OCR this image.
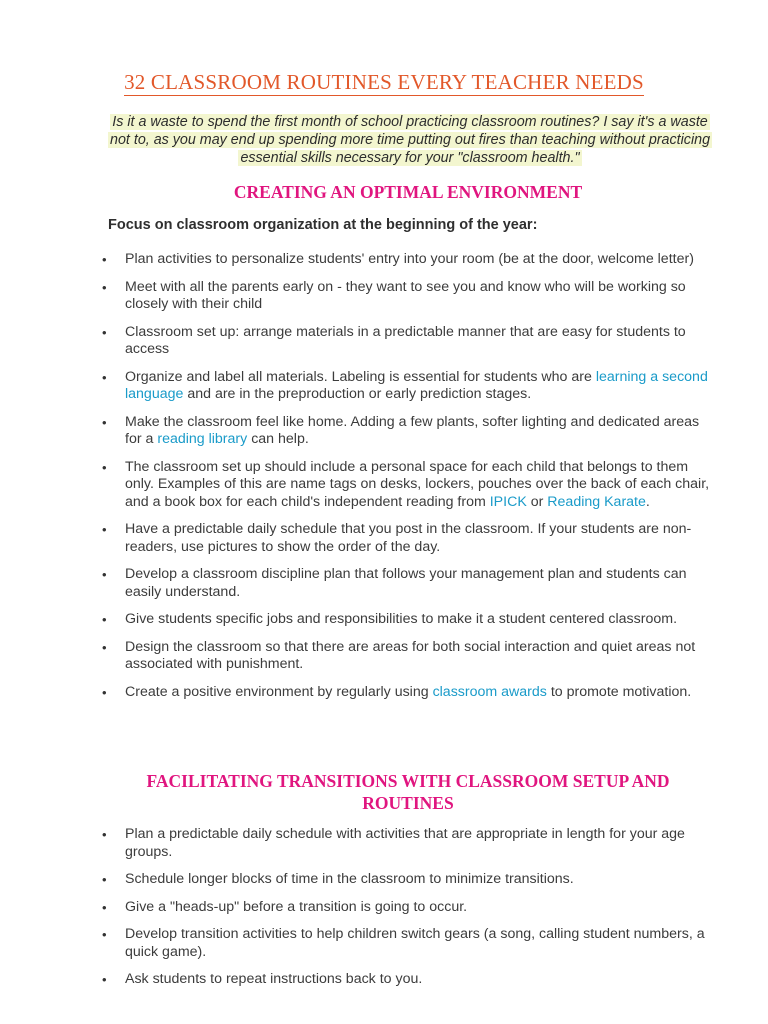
32 CLASSROOM ROUTINES EVERY TEACHER NEEDS
Is it a waste to spend the first month of school practicing classroom routines? I say it's a waste not to, as you may end up spending more time putting out fires than teaching without practicing essential skills necessary for your "classroom health."
CREATING AN OPTIMAL ENVIRONMENT
Focus on classroom organization at the beginning of the year:
• Plan activities to personalize students' entry into your room (be at the door, welcome letter)
• Meet with all the parents early on - they want to see you and know who will be working so closely with their child
• Classroom set up: arrange materials in a predictable manner that are easy for students to access
• Organize and label all materials. Labeling is essential for students who are learning a second language and are in the preproduction or early prediction stages.
• Make the classroom feel like home. Adding a few plants, softer lighting and dedicated areas for a reading library can help.
• The classroom set up should include a personal space for each child that belongs to them only. Examples of this are name tags on desks, lockers, pouches over the back of each chair, and a book box for each child's independent reading from IPICK or Reading Karate.
• Have a predictable daily schedule that you post in the classroom. If your students are non-readers, use pictures to show the order of the day.
• Develop a classroom discipline plan that follows your management plan and students can easily understand.
• Give students specific jobs and responsibilities to make it a student centered classroom.
• Design the classroom so that there are areas for both social interaction and quiet areas not associated with punishment.
• Create a positive environment by regularly using classroom awards to promote motivation.
FACILITATING TRANSITIONS WITH CLASSROOM SETUP AND ROUTINES
• Plan a predictable daily schedule with activities that are appropriate in length for your age groups.
• Schedule longer blocks of time in the classroom to minimize transitions.
• Give a "heads-up" before a transition is going to occur.
• Develop transition activities to help children switch gears (a song, calling student numbers, a quick game).
• Ask students to repeat instructions back to you.
